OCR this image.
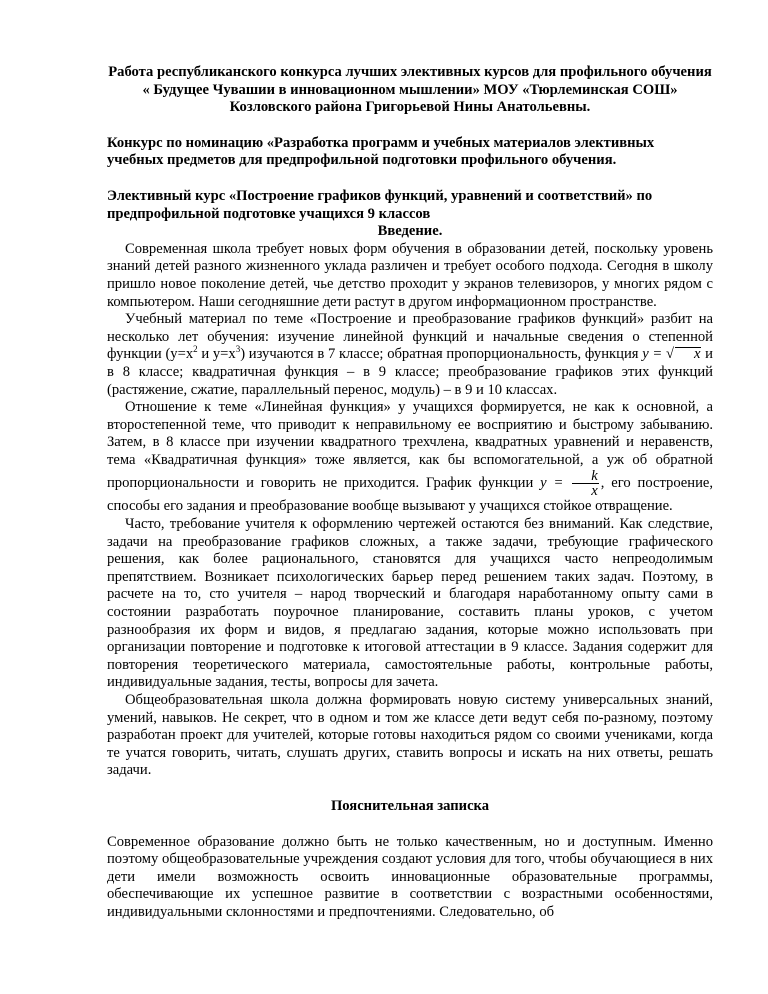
Работа республиканского конкурса лучших элективных курсов для профильного обучения « Будущее Чувашии в инновационном мышлении» МОУ «Тюрлеминская СОШ» Козловского района Григорьевой Нины Анатольевны.

Конкурс по номинацию «Разработка программ и учебных материалов элективных учебных предметов для предпрофильной подготовки профильного обучения.

Элективный курс «Построение графиков функций, уравнений и соответствий» по предпрофильной подготовке учащихся 9 классов

Введение.

Современная школа требует новых форм обучения в образовании детей, поскольку уровень знаний детей разного жизненного уклада различен и требует особого подхода. Сегодня в школу пришло новое поколение детей, чье детство проходит у экранов телевизоров, у многих рядом с компьютером. Наши сегодняшние дети растут в другом информационном пространстве.

Учебный материал по теме «Построение и преобразование графиков функций» разбит на несколько лет обучения: изучение линейной функций и начальные сведения о степенной функции ($y=x^2$ и $y=x^3$) изучаются в 7 классе; обратная пропорциональность, функция y = √ x и в 8 классе; квадратичная функция – в 9 классе; преобразование графиков этих функций (растяжение, сжатие, параллельный перенос, модуль) – в 9 и 10 классах.

Отношение к теме «Линейная функция» у учащихся формируется, не как к основной, а второстепенной теме, что приводит к неправильному ее восприятию и быстрому забыванию. Затем, в 8 классе при изучении квадратного трехчлена, квадратных уравнений и неравенств, тема «Квадратичная функция» тоже является, как бы вспомогательной, а уж об обратной пропорциональности и говорить не приходится. График функции $y = \frac{k}{x}$ , его построение, способы его задания и преобразование вообще вызывают у учащихся стойкое отвращение.

Часто, требование учителя к оформлению чертежей остаются без вниманий. Как следствие, задачи на преобразование графиков сложных, а также задачи, требующие графического решения, как более рационального, становятся для учащихся часто непреодолимым препятствием. Возникает психологических барьер перед решением таких задач. Поэтому, в расчете на то, сто учителя – народ творческий и благодаря наработанному опыту сами в состоянии разработать поурочное планирование, составить планы уроков, с учетом разнообразия их форм и видов, я предлагаю задания, которые можно использовать при организации повторение и подготовке к итоговой аттестации в 9 классе. Задания содержит для повторения теоретического материала, самостоятельные работы, контрольные работы, индивидуальные задания, тесты, вопросы для зачета.

Общеобразовательная школа должна формировать новую систему универсальных знаний, умений, навыков. Не секрет, что в одном и том же классе дети ведут себя по-разному, поэтому разработан проект для учителей, которые готовы находиться рядом со своими учениками, когда те учатся говорить, читать, слушать других, ставить вопросы и искать на них ответы, решать задачи.

Пояснительная записка

Современное образование должно быть не только качественным, но и доступным. Именно поэтому общеобразовательные учреждения создают условия для того, чтобы обучающиеся в них дети имели возможность освоить инновационные образовательные программы, обеспечивающие их успешное развитие в соответствии с возрастными особенностями, индивидуальными склонностями и предпочтениями. Следовательно, об
